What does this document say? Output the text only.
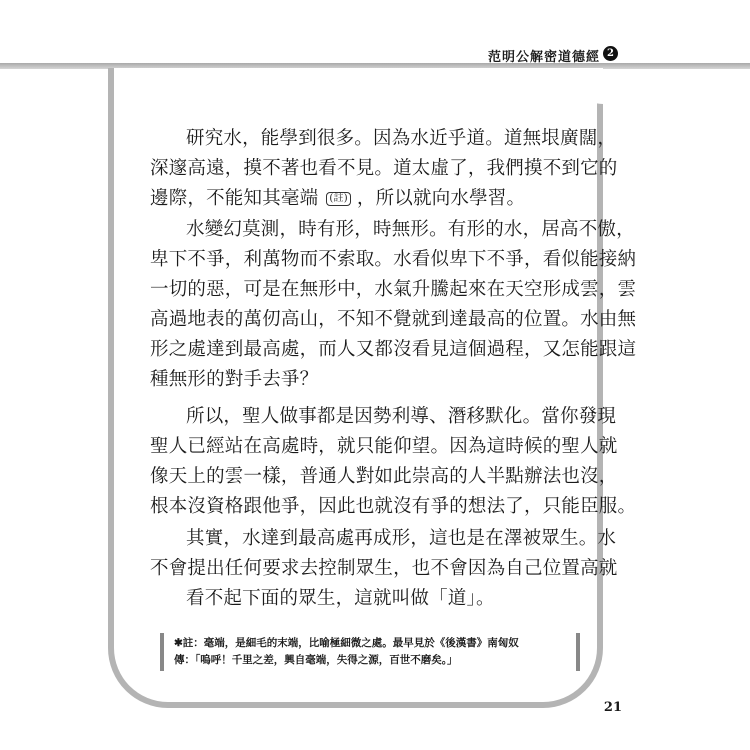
范明公解密道德經 2
研究水，能學到很多。因為水近乎道。道無垠廣闊，
深邃高遠，摸不著也看不見。道太虛了，我們摸不到它的
邊際，不能知其毫端 (註) ，所以就向水學習。
水變幻莫測，時有形，時無形。有形的水，居高不傲，
卑下不爭，利萬物而不索取。水看似卑下不爭，看似能接納
一切的惡，可是在無形中，水氣升騰起來在天空形成雲，雲
高過地表的萬仞高山，不知不覺就到達最高的位置。水由無
形之處達到最高處，而人又都沒看見這個過程，又怎能跟這
種無形的對手去爭？
所以，聖人做事都是因勢利導、潛移默化。當你發現
聖人已經站在高處時，就只能仰望。因為這時候的聖人就
像天上的雲一樣，普通人對如此崇高的人半點辦法也沒，
根本沒資格跟他爭，因此也就沒有爭的想法了，只能臣服。
其實，水達到最高處再成形，這也是在澤被眾生。水
不會提出任何要求去控制眾生，也不會因為自己位置高就
看不起下面的眾生，這就叫做「道」。
✱註：毫端，是細毛的末端，比喻極細微之處。最早見於《後漢書》南匈奴
傳：「嗚呼！千里之差，興自毫端，失得之源，百世不磨矣。」
21
